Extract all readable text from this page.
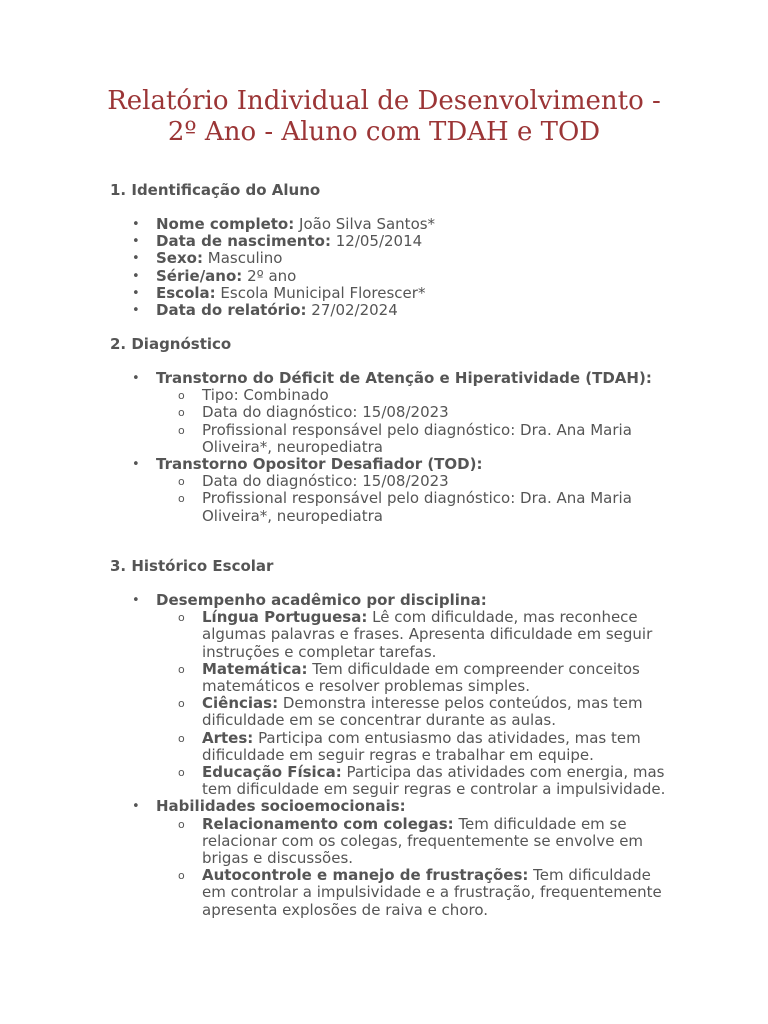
Relatório Individual de Desenvolvimento - 2º Ano - Aluno com TDAH e TOD

1. Identificação do Aluno

• Nome completo: João Silva Santos*
• Data de nascimento: 12/05/2014
• Sexo: Masculino
• Série/ano: 2º ano
• Escola: Escola Municipal Florescer*
• Data do relatório: 27/02/2024

2. Diagnóstico

• Transtorno do Déficit de Atenção e Hiperatividade (TDAH):
o Tipo: Combinado
o Data do diagnóstico: 15/08/2023
o Profissional responsável pelo diagnóstico: Dra. Ana Maria Oliveira*, neuropediatra
• Transtorno Opositor Desafiador (TOD):
o Data do diagnóstico: 15/08/2023
o Profissional responsável pelo diagnóstico: Dra. Ana Maria Oliveira*, neuropediatra

3. Histórico Escolar

• Desempenho acadêmico por disciplina:
o Língua Portuguesa: Lê com dificuldade, mas reconhece algumas palavras e frases. Apresenta dificuldade em seguir instruções e completar tarefas.
o Matemática: Tem dificuldade em compreender conceitos matemáticos e resolver problemas simples.
o Ciências: Demonstra interesse pelos conteúdos, mas tem dificuldade em se concentrar durante as aulas.
o Artes: Participa com entusiasmo das atividades, mas tem dificuldade em seguir regras e trabalhar em equipe.
o Educação Física: Participa das atividades com energia, mas tem dificuldade em seguir regras e controlar a impulsividade.
• Habilidades socioemocionais:
o Relacionamento com colegas: Tem dificuldade em se relacionar com os colegas, frequentemente se envolve em brigas e discussões.
o Autocontrole e manejo de frustrações: Tem dificuldade em controlar a impulsividade e a frustração, frequentemente apresenta explosões de raiva e choro.
